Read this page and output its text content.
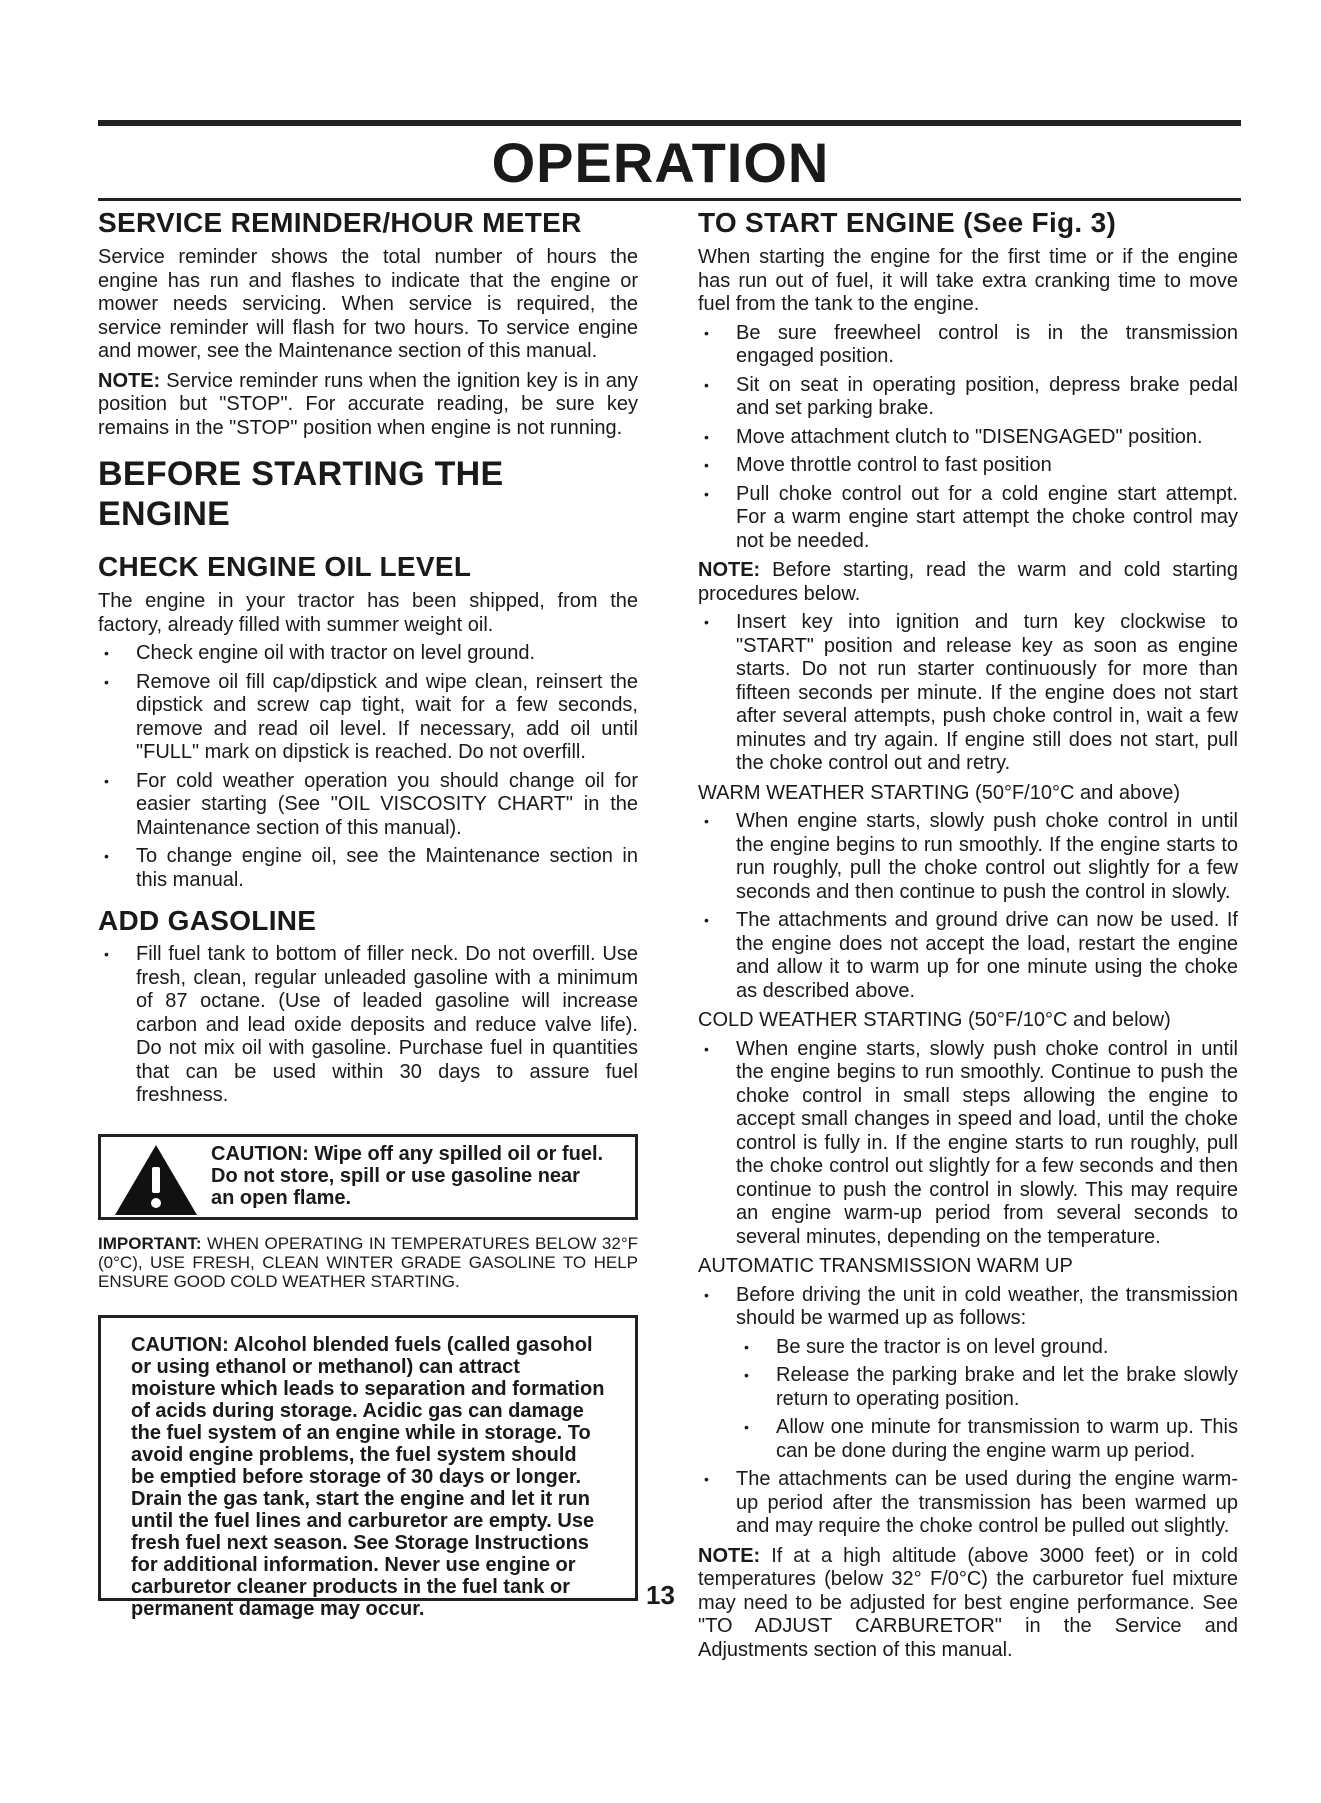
OPERATION
SERVICE REMINDER/HOUR METER

Service reminder shows the total number of hours the engine has run and flashes to indicate that the engine or mower needs servicing. When service is required, the service reminder will flash for two hours. To service engine and mower, see the Maintenance section of this manual.

NOTE: Service reminder runs when the ignition key is in any position but "STOP". For accurate reading, be sure key remains in the "STOP" position when engine is not running.

BEFORE STARTING THE ENGINE
CHECK ENGINE OIL LEVEL

The engine in your tractor has been shipped, from the factory, already filled with summer weight oil.

• Check engine oil with tractor on level ground.
• Remove oil fill cap/dipstick and wipe clean, reinsert the dipstick and screw cap tight, wait for a few seconds, remove and read oil level. If necessary, add oil until "FULL" mark on dipstick is reached. Do not overfill.
• For cold weather operation you should change oil for easier starting (See "OIL VISCOSITY CHART" in the Maintenance section of this manual).
• To change engine oil, see the Maintenance section in this manual.
ADD GASOLINE
• Fill fuel tank to bottom of filler neck. Do not overfill. Use fresh, clean, regular unleaded gasoline with a minimum of 87 octane. (Use of leaded gasoline will increase carbon and lead oxide deposits and reduce valve life). Do not mix oil with gasoline. Purchase fuel in quantities that can be used within 30 days to assure fuel freshness.
CAUTION: Wipe off any spilled oil or fuel. Do not store, spill or use gasoline near an open flame.

IMPORTANT: WHEN OPERATING IN TEMPERATURES BELOW 32°F (0°C), USE FRESH, CLEAN WINTER GRADE GASOLINE TO HELP ENSURE GOOD COLD WEATHER STARTING.

CAUTION: Alcohol blended fuels (called gasohol or using ethanol or methanol) can attract moisture which leads to separation and formation of acids during storage. Acidic gas can damage the fuel system of an engine while in storage. To avoid engine problems, the fuel system should be emptied before storage of 30 days or longer. Drain the gas tank, start the engine and let it run until the fuel lines and carburetor are empty. Use fresh fuel next season. See Storage Instructions for additional information. Never use engine or carburetor cleaner products in the fuel tank or permanent damage may occur.
TO START ENGINE (See Fig. 3)

When starting the engine for the first time or if the engine has run out of fuel, it will take extra cranking time to move fuel from the tank to the engine.

• Be sure freewheel control is in the transmission engaged position.
• Sit on seat in operating position, depress brake pedal and set parking brake.
• Move attachment clutch to "DISENGAGED" position.
• Move throttle control to fast position
• Pull choke control out for a cold engine start attempt. For a warm engine start attempt the choke control may not be needed.

NOTE: Before starting, read the warm and cold starting procedures below.

• Insert key into ignition and turn key clockwise to "START" position and release key as soon as engine starts. Do not run starter continuously for more than fifteen seconds per minute. If the engine does not start after several attempts, push choke control in, wait a few minutes and try again. If engine still does not start, pull the choke control out and retry.
WARM WEATHER STARTING (50°F/10°C and above)
• When engine starts, slowly push choke control in until the engine begins to run smoothly. If the engine starts to run roughly, pull the choke control out slightly for a few seconds and then continue to push the control in slowly.
• The attachments and ground drive can now be used. If the engine does not accept the load, restart the engine and allow it to warm up for one minute using the choke as described above.
COLD WEATHER STARTING (50°F/10°C and below)
• When engine starts, slowly push choke control in until the engine begins to run smoothly. Continue to push the choke control in small steps allowing the engine to accept small changes in speed and load, until the choke control is fully in. If the engine starts to run roughly, pull the choke control out slightly for a few seconds and then continue to push the control in slowly. This may require an engine warm-up period from several seconds to several minutes, depending on the temperature.
AUTOMATIC TRANSMISSION WARM UP
• Before driving the unit in cold weather, the transmission should be warmed up as follows:
• Be sure the tractor is on level ground.
• Release the parking brake and let the brake slowly return to operating position.
• Allow one minute for transmission to warm up. This can be done during the engine warm up period.
• The attachments can be used during the engine warm-up period after the transmission has been warmed up and may require the choke control be pulled out slightly.

NOTE: If at a high altitude (above 3000 feet) or in cold temperatures (below 32° F/0°C) the carburetor fuel mixture may need to be adjusted for best engine performance. See "TO ADJUST CARBURETOR" in the Service and Adjustments section of this manual.

13
